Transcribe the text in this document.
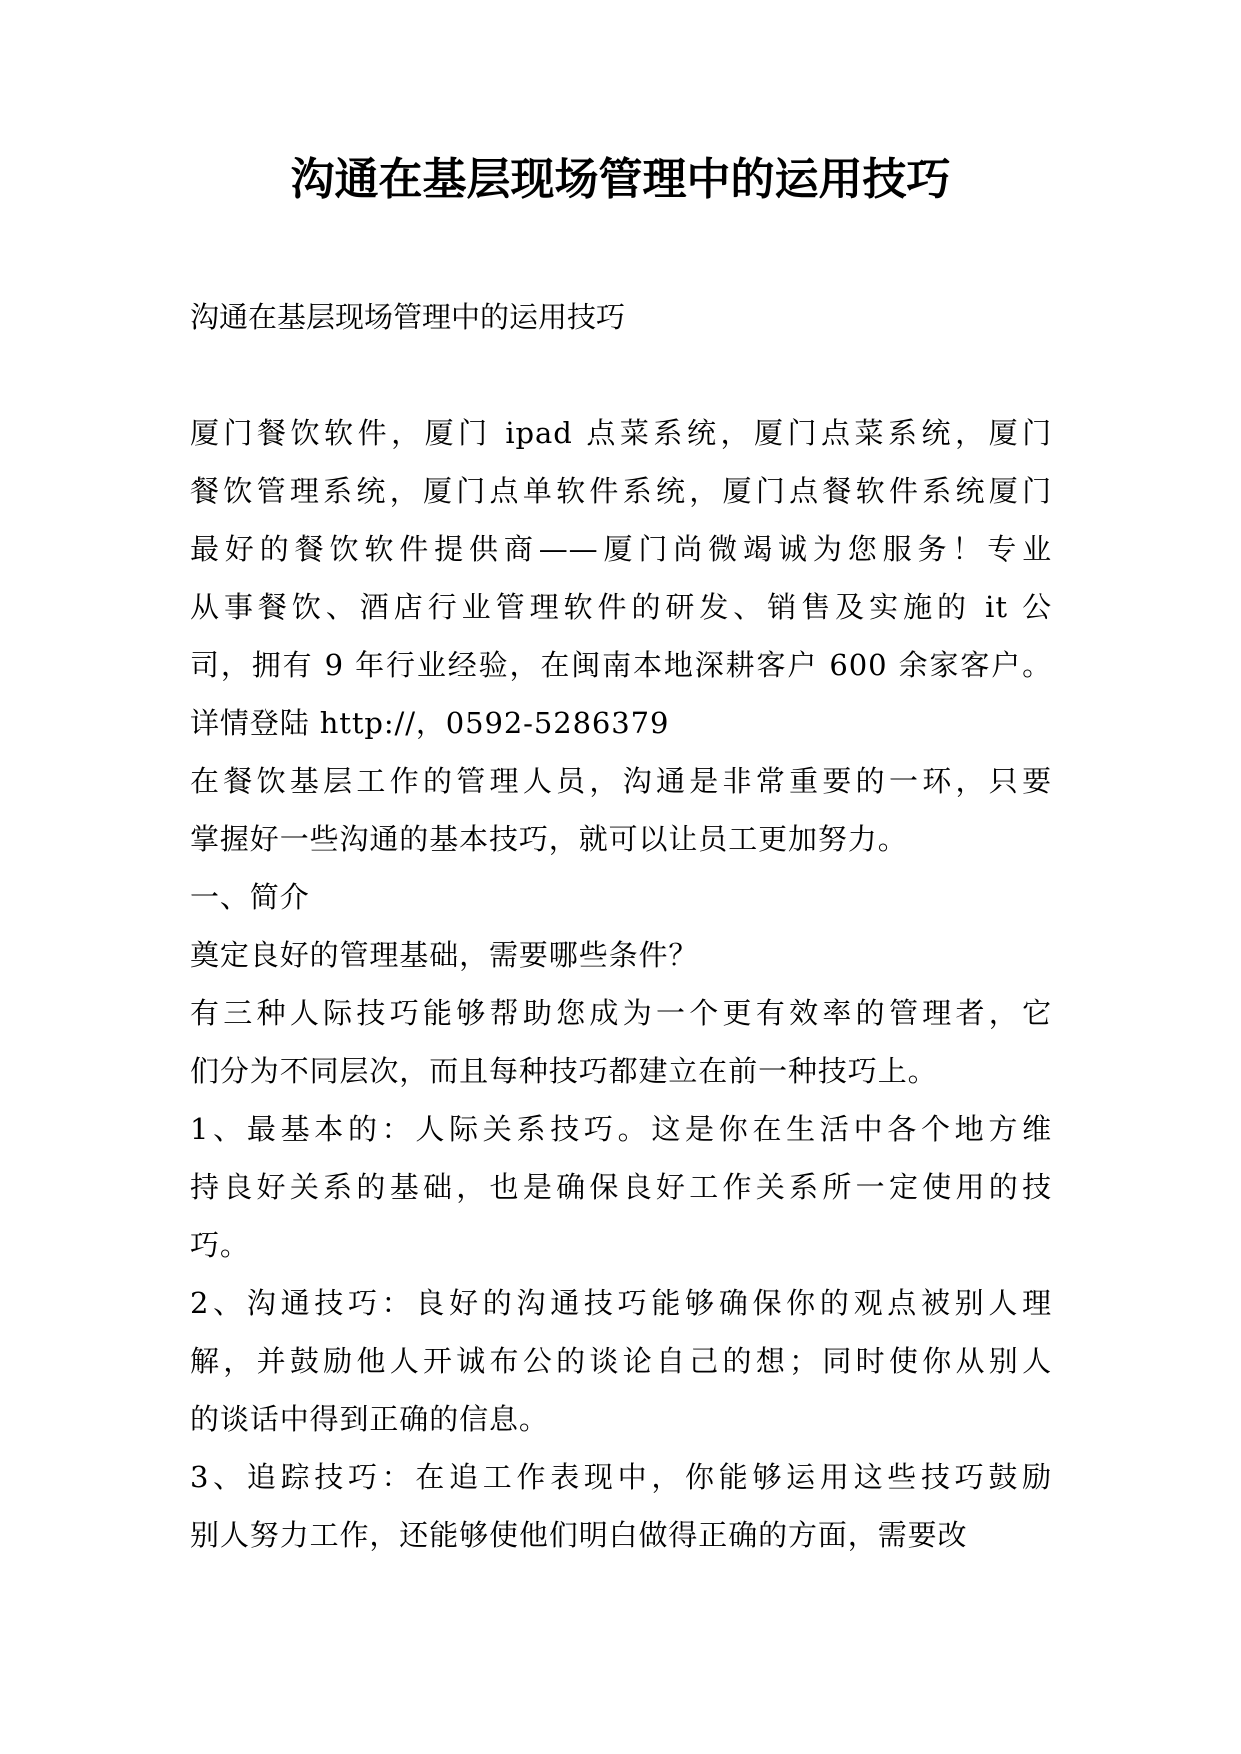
沟通在基层现场管理中的运用技巧
沟通在基层现场管理中的运用技巧
厦门餐饮软件，厦门 ipad 点菜系统，厦门点菜系统，厦门
餐饮管理系统，厦门点单软件系统，厦门点餐软件系统厦门
最好的餐饮软件提供商——厦门尚微竭诚为您服务！专业
从事餐饮、酒店行业管理软件的研发、销售及实施的 it 公
司，拥有 9 年行业经验，在闽南本地深耕客户 600 余家客户。
详情登陆 http://，0592-5286379
在餐饮基层工作的管理人员，沟通是非常重要的一环，只要
掌握好一些沟通的基本技巧，就可以让员工更加努力。
一、简介
奠定良好的管理基础，需要哪些条件？
有三种人际技巧能够帮助您成为一个更有效率的管理者，它
们分为不同层次，而且每种技巧都建立在前一种技巧上。
1、最基本的：人际关系技巧。这是你在生活中各个地方维
持良好关系的基础，也是确保良好工作关系所一定使用的技
巧。
2、沟通技巧：良好的沟通技巧能够确保你的观点被别人理
解，并鼓励他人开诚布公的谈论自己的想；同时使你从别人
的谈话中得到正确的信息。
3、追踪技巧：在追工作表现中，你能够运用这些技巧鼓励
别人努力工作，还能够使他们明白做得正确的方面，需要改
